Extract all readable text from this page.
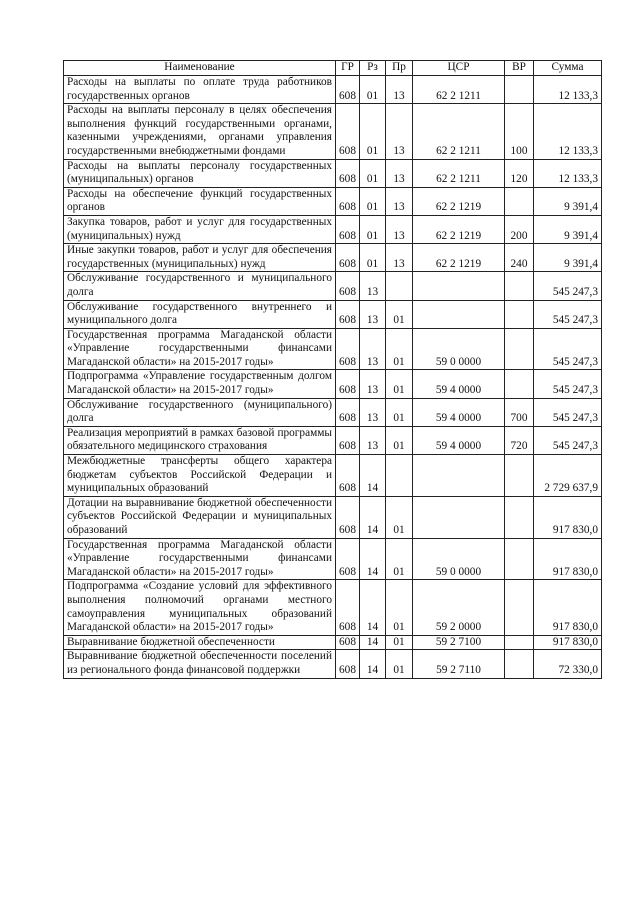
Наименование	ГР	Рз	Пр	ЦСР	ВР	Сумма
Расходы на выплаты по оплате труда работников государственных органов	608	01	13	62 2 1211		12 133,3
Расходы на выплаты персоналу в целях обеспечения выполнения функций государственными органами, казенными учреждениями, органами управления государственными внебюджетными фондами	608	01	13	62 2 1211	100	12 133,3
Расходы на выплаты персоналу государственных (муниципальных) органов	608	01	13	62 2 1211	120	12 133,3
Расходы на обеспечение функций государственных органов	608	01	13	62 2 1219		9 391,4
Закупка товаров, работ и услуг для государственных (муниципальных) нужд	608	01	13	62 2 1219	200	9 391,4
Иные закупки товаров, работ и услуг для обеспечения государственных (муниципальных) нужд	608	01	13	62 2 1219	240	9 391,4
Обслуживание государственного и муниципального долга	608	13				545 247,3
Обслуживание государственного внутреннего и муниципального долга	608	13	01			545 247,3
Государственная программа Магаданской области «Управление государственными финансами Магаданской области» на 2015-2017 годы»	608	13	01	59 0 0000		545 247,3
Подпрограмма «Управление государственным долгом Магаданской области» на 2015-2017 годы»	608	13	01	59 4 0000		545 247,3
Обслуживание государственного (муниципального) долга	608	13	01	59 4 0000	700	545 247,3
Реализация мероприятий в рамках базовой программы обязательного медицинского страхования	608	13	01	59 4 0000	720	545 247,3
Межбюджетные трансферты общего характера бюджетам субъектов Российской Федерации и муниципальных образований	608	14				2 729 637,9
Дотации на выравнивание бюджетной обеспеченности субъектов Российской Федерации и муниципальных образований	608	14	01			917 830,0
Государственная программа Магаданской области «Управление государственными финансами Магаданской области» на 2015-2017 годы»	608	14	01	59 0 0000		917 830,0
Подпрограмма «Создание условий для эффективного выполнения полномочий органами местного самоуправления муниципальных образований Магаданской области» на 2015-2017 годы»	608	14	01	59 2 0000		917 830,0
Выравнивание бюджетной обеспеченности	608	14	01	59 2 7100		917 830,0
Выравнивание бюджетной обеспеченности поселений из регионального фонда финансовой поддержки	608	14	01	59 2 7110		72 330,0
